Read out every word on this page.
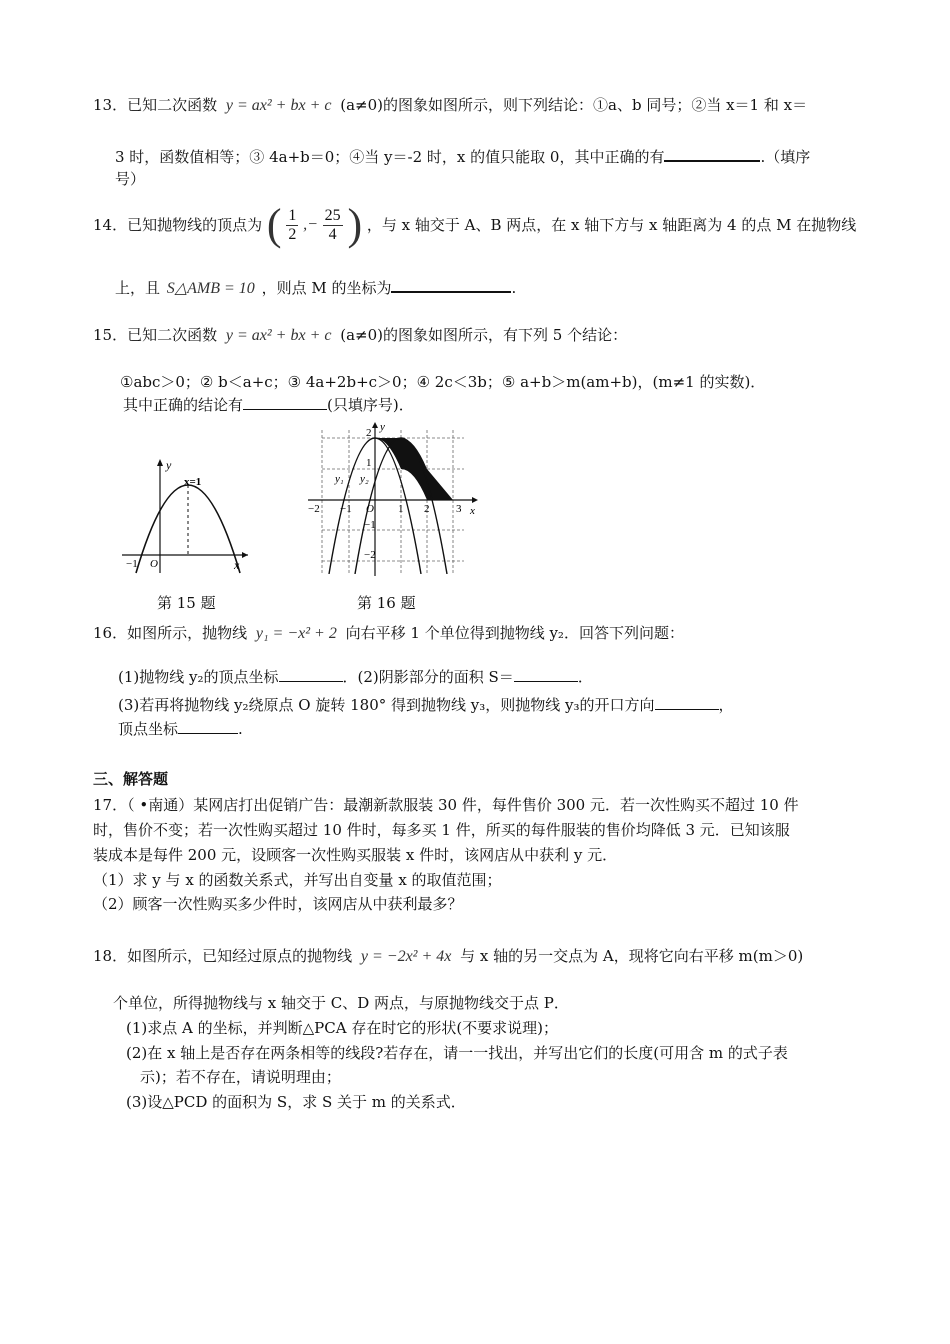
13．已知二次函数 y = ax² + bx + c (a≠0)的图象如图所示，则下列结论：①a、b 同号；②当 x＝1 和 x＝
3 时，函数值相等；③ 4a+b＝0；④当 y＝-2 时，x 的值只能取 0，其中正确的有	.（填序
号）
14．已知抛物线的顶点为 ( $\frac{1}{2}$ ,− $\frac{25}{4}$ ) ，与 x 轴交于 A、B 两点，在 x 轴下方与 x 轴距离为 4 的点 M 在抛物线
上，且 S△AMB = 10 ，则点 M 的坐标为	.
15．已知二次函数 y = ax² + bx + c (a≠0)的图象如图所示，有下列 5 个结论：
①abc＞0；② b＜a+c；③ 4a+2b+c＞0；④ 2c＜3b；⑤ a+b＞m(am+b)，(m≠1 的实数)．
其中正确的结论有	(只填序号)．
y
x
x=1
O
−1
第 15 题
y
x
O
−2 −1	1 2 3
2
1
−1
−2
y₁ y₂
第 16 题
16．如图所示，抛物线 y₁ = −x² + 2 向右平移 1 个单位得到抛物线 y₂．回答下列问题：
(1)抛物线 y₂的顶点坐标	．(2)阴影部分的面积 S＝	．
(3)若再将抛物线 y₂绕原点 O 旋转 180° 得到抛物线 y₃，则抛物线 y₃的开口方向	，
顶点坐标	.
三、解答题
17．（ •南通）某网店打出促销广告：最潮新款服装 30 件，每件售价 300 元．若一次性购买不超过 10 件
时，售价不变；若一次性购买超过 10 件时，每多买 1 件，所买的每件服装的售价均降低 3 元．已知该服
装成本是每件 200 元，设顾客一次性购买服装 x 件时，该网店从中获利 y 元．
（1）求 y 与 x 的函数关系式，并写出自变量 x 的取值范围；
（2）顾客一次性购买多少件时，该网店从中获利最多？
18．如图所示，已知经过原点的抛物线 y = −2x² + 4x 与 x 轴的另一交点为 A，现将它向右平移 m(m＞0)
个单位，所得抛物线与 x 轴交于 C、D 两点，与原抛物线交于点 P．
(1)求点 A 的坐标，并判断△PCA 存在时它的形状(不要求说理)；
(2)在 x 轴上是否存在两条相等的线段?若存在，请一一找出，并写出它们的长度(可用含 m 的式子表
示)；若不存在，请说明理由；
(3)设△PCD 的面积为 S，求 S 关于 m 的关系式．
